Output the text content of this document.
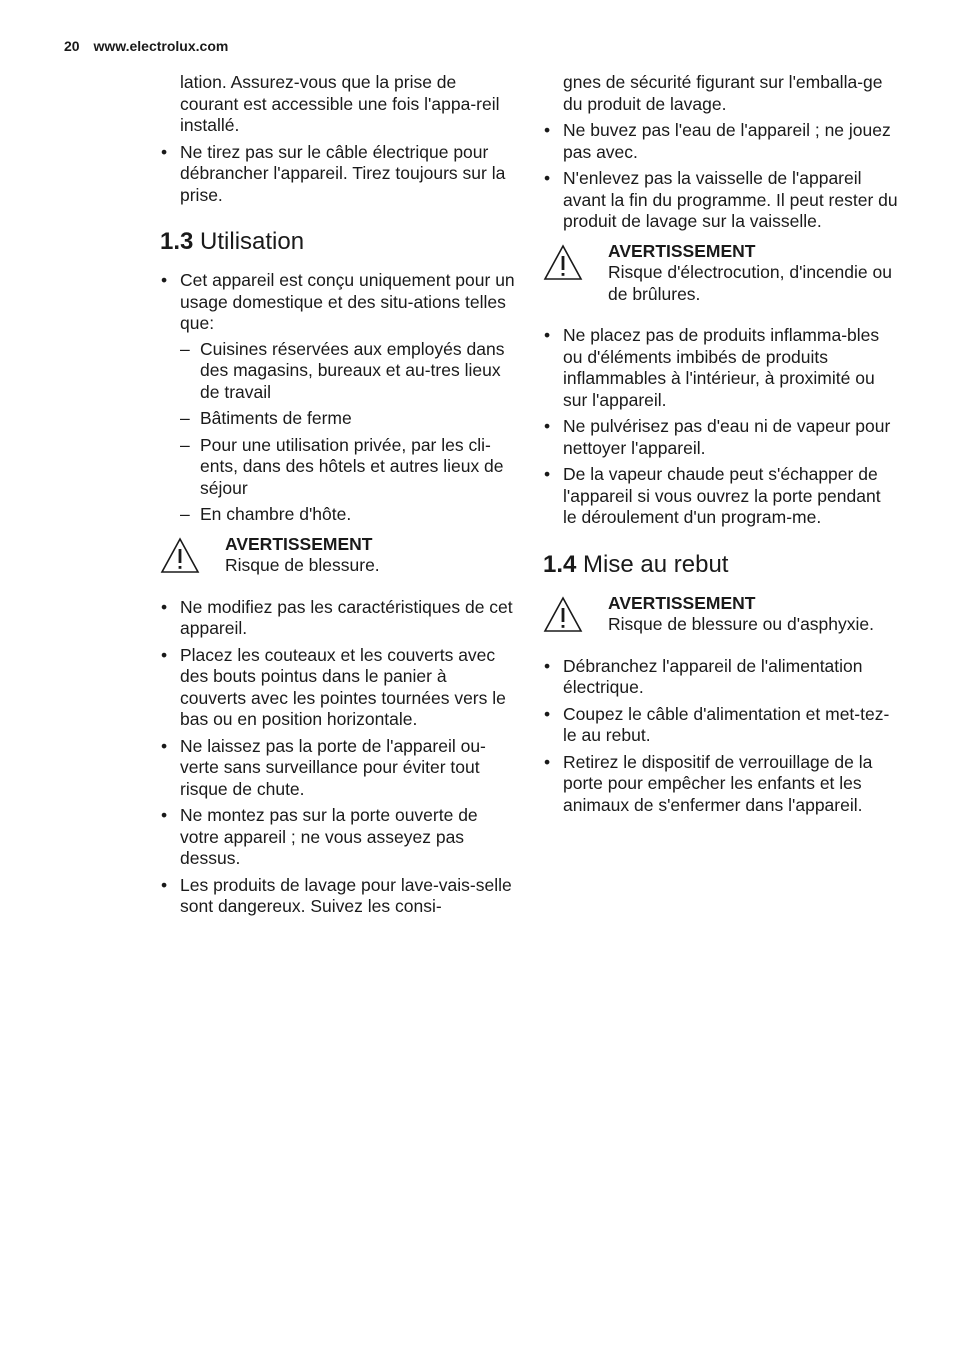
20 www.electrolux.com

lation. Assurez-vous que la prise de courant est accessible une fois l'appa-reil installé.

• Ne tirez pas sur le câble électrique pour débrancher l'appareil. Tirez toujours sur la prise.
1.3 Utilisation
• Cet appareil est conçu uniquement pour un usage domestique et des situ-ations telles que:
– Cuisines réservées aux employés dans des magasins, bureaux et au-tres lieux de travail
– Bâtiments de ferme
– Pour une utilisation privée, par les cli-ents, dans des hôtels et autres lieux de séjour
– En chambre d'hôte.
AVERTISSEMENT
Risque de blessure.
• Ne modifiez pas les caractéristiques de cet appareil.
• Placez les couteaux et les couverts avec des bouts pointus dans le panier à couverts avec les pointes tournées vers le bas ou en position horizontale.
• Ne laissez pas la porte de l'appareil ou-verte sans surveillance pour éviter tout risque de chute.
• Ne montez pas sur la porte ouverte de votre appareil ; ne vous asseyez pas dessus.
• Les produits de lavage pour lave-vais-selle sont dangereux. Suivez les consi-

gnes de sécurité figurant sur l'emballa-ge du produit de lavage.

• Ne buvez pas l'eau de l'appareil ; ne jouez pas avec.
• N'enlevez pas la vaisselle de l'appareil avant la fin du programme. Il peut rester du produit de lavage sur la vaisselle.
AVERTISSEMENT
Risque d'électrocution, d'incendie ou de brûlures.
• Ne placez pas de produits inflamma-bles ou d'éléments imbibés de produits inflammables à l'intérieur, à proximité ou sur l'appareil.
• Ne pulvérisez pas d'eau ni de vapeur pour nettoyer l'appareil.
• De la vapeur chaude peut s'échapper de l'appareil si vous ouvrez la porte pendant le déroulement d'un program-me.
1.4 Mise au rebut
AVERTISSEMENT
Risque de blessure ou d'asphyxie.
• Débranchez l'appareil de l'alimentation électrique.
• Coupez le câble d'alimentation et met-tez-le au rebut.
• Retirez le dispositif de verrouillage de la porte pour empêcher les enfants et les animaux de s'enfermer dans l'appareil.
